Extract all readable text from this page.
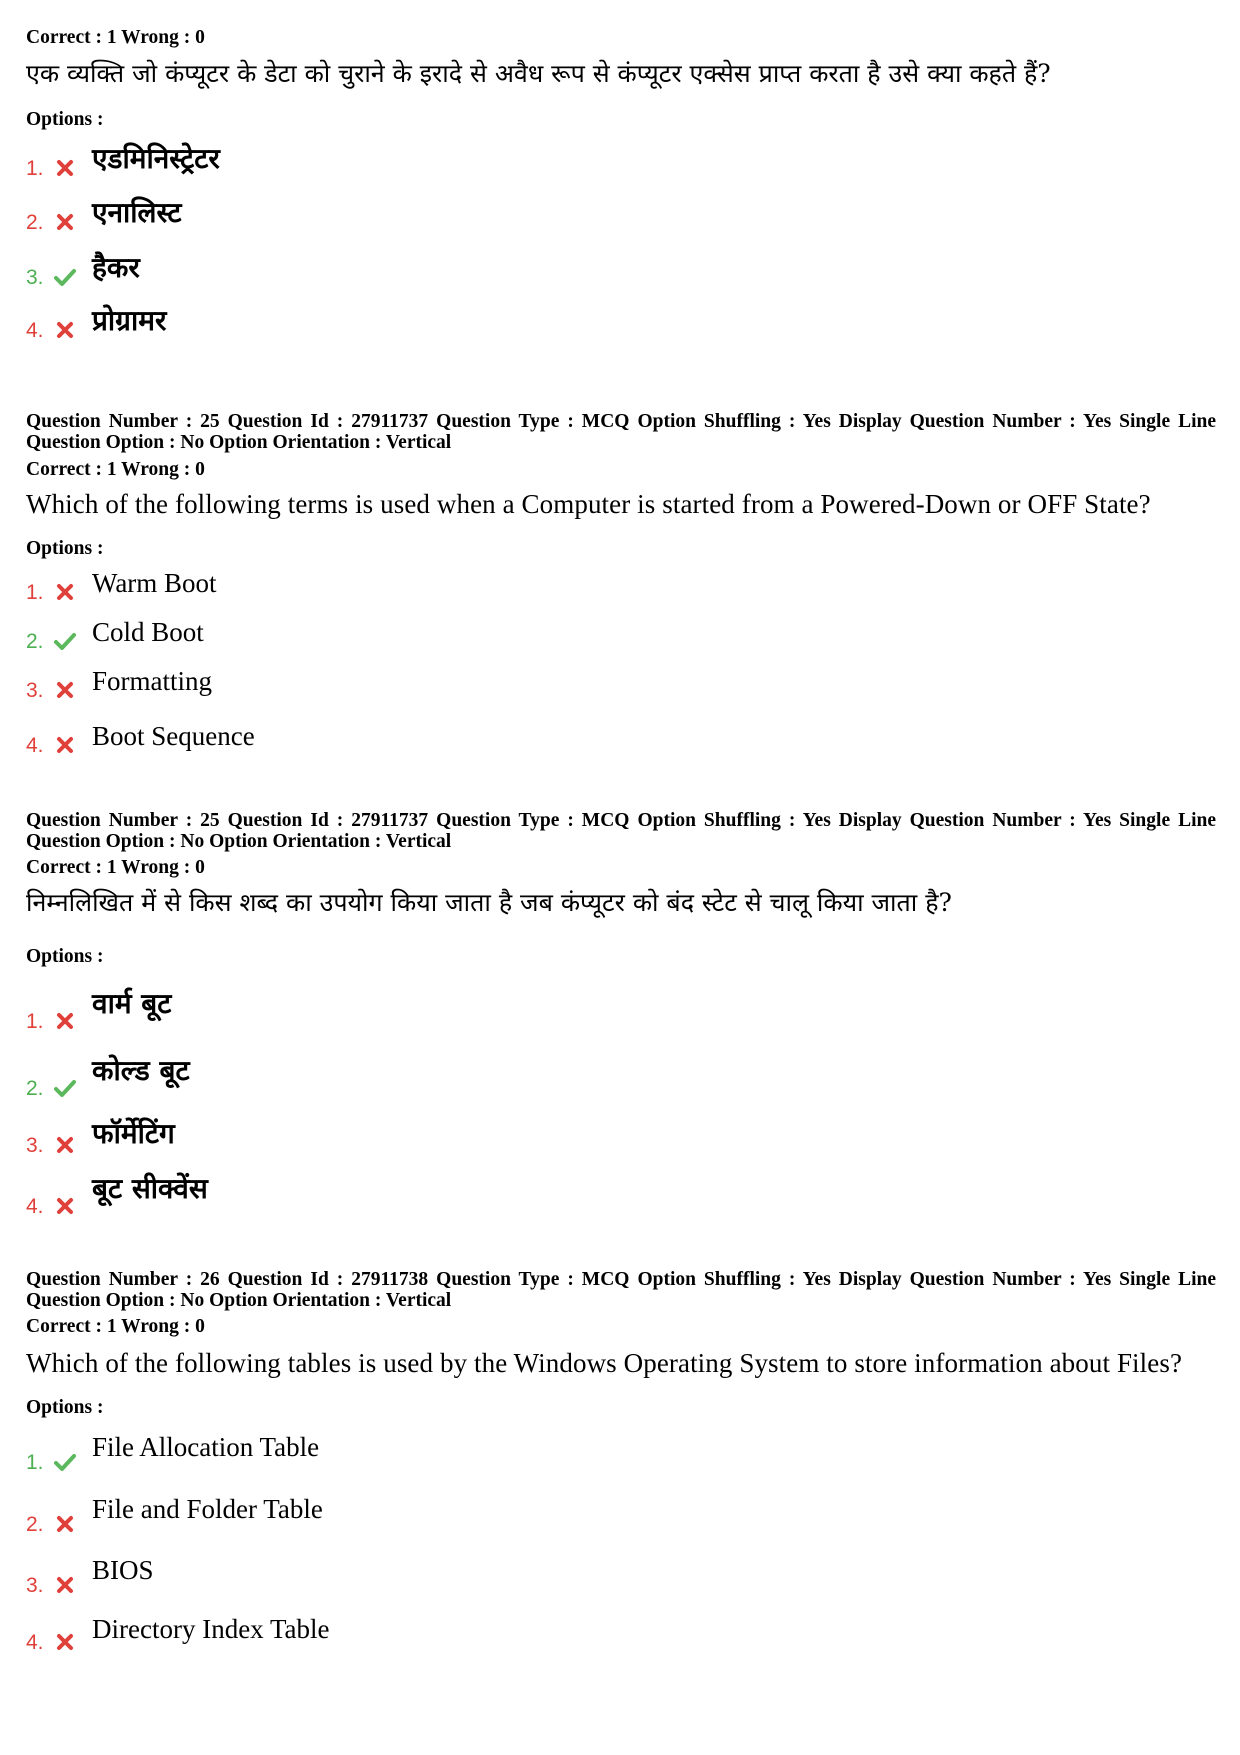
Correct : 1 Wrong : 0
एक व्यक्ति जो कंप्यूटर के डेटा को चुराने के इरादे से अवैध रूप से कंप्यूटर एक्सेस प्राप्त करता है उसे क्या कहते हैं?
Options :
1. एडमिनिस्ट्रेटर
2. एनालिस्ट
3. हैकर
4. प्रोग्रामर
Question Number : 25 Question Id : 27911737 Question Type : MCQ Option Shuffling : Yes Display Question Number : Yes Single Line Question Option : No Option Orientation : Vertical
Correct : 1 Wrong : 0
Which of the following terms is used when a Computer is started from a Powered-Down or OFF State?
Options :
1. Warm Boot
2. Cold Boot
3. Formatting
4. Boot Sequence
Question Number : 25 Question Id : 27911737 Question Type : MCQ Option Shuffling : Yes Display Question Number : Yes Single Line Question Option : No Option Orientation : Vertical
Correct : 1 Wrong : 0
निम्नलिखित में से किस शब्द का उपयोग किया जाता है जब कंप्यूटर को बंद स्टेट से चालू किया जाता है?
Options :
1.
वार्म बूट
2.
कोल्ड बूट
3. फॉर्मेटिंग
4.
बूट सीक्वेंस
Question Number : 26 Question Id : 27911738 Question Type : MCQ Option Shuffling : Yes Display Question Number : Yes Single Line Question Option : No Option Orientation : Vertical
Correct : 1 Wrong : 0
Which of the following tables is used by the Windows Operating System to store information about Files?
Options :
1.
File Allocation Table
2.
File and Folder Table
3.
BIOS
4. Directory Index Table
